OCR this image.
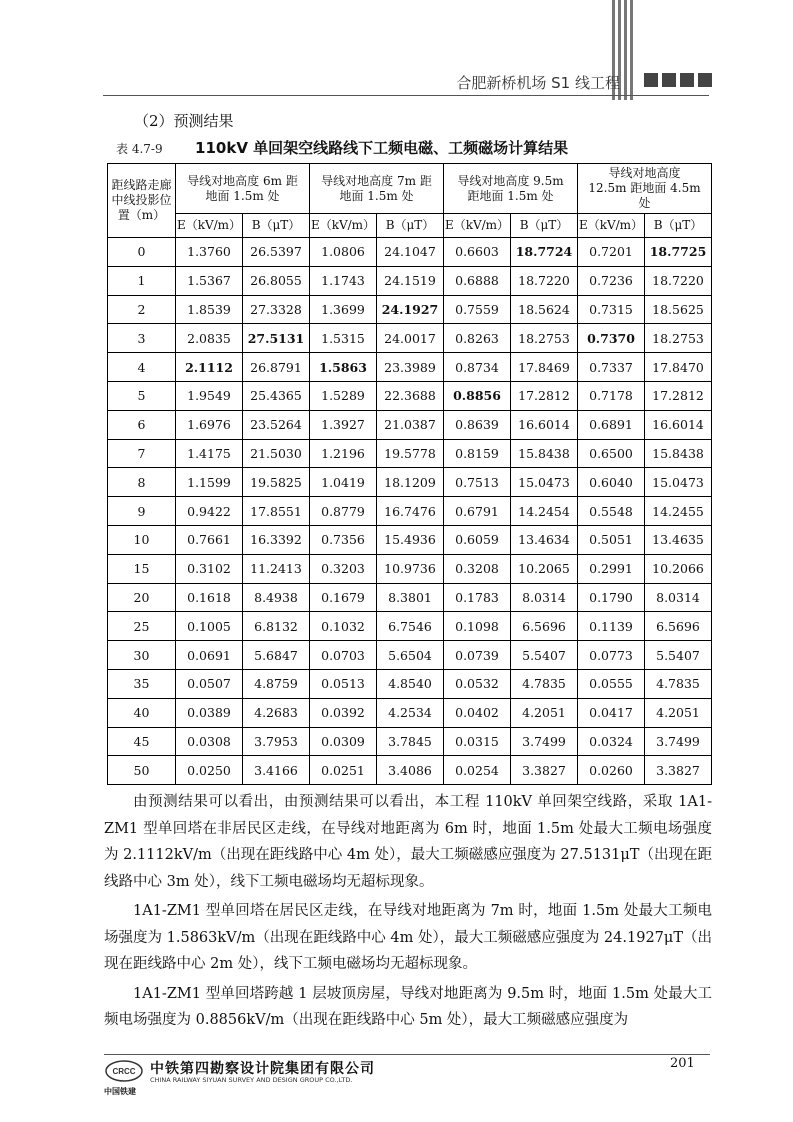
合肥新桥机场 S1 线工程
（2）预测结果
表 4.7-9 110kV 单回架空线路线下工频电磁、工频磁场计算结果
距线路走廊中线投影位置（m）	导线对地高度 6m 距地面 1.5m 处		导线对地高度 7m 距地面 1.5m 处		导线对地高度 9.5m 距地面 1.5m 处		导线对地高度 12.5m 距地面 4.5m 处	
	E（kV/m）	B（μT）	E（kV/m）	B（μT）	E（kV/m）	B（μT）	E（kV/m）	B（μT）
0	1.3760	26.5397	1.0806	24.1047	0.6603	18.7724	0.7201	18.7725
1	1.5367	26.8055	1.1743	24.1519	0.6888	18.7220	0.7236	18.7220
2	1.8539	27.3328	1.3699	24.1927	0.7559	18.5624	0.7315	18.5625
3	2.0835	27.5131	1.5315	24.0017	0.8263	18.2753	0.7370	18.2753
4	2.1112	26.8791	1.5863	23.3989	0.8734	17.8469	0.7337	17.8470
5	1.9549	25.4365	1.5289	22.3688	0.8856	17.2812	0.7178	17.2812
6	1.6976	23.5264	1.3927	21.0387	0.8639	16.6014	0.6891	16.6014
7	1.4175	21.5030	1.2196	19.5778	0.8159	15.8438	0.6500	15.8438
8	1.1599	19.5825	1.0419	18.1209	0.7513	15.0473	0.6040	15.0473
9	0.9422	17.8551	0.8779	16.7476	0.6791	14.2454	0.5548	14.2455
10	0.7661	16.3392	0.7356	15.4936	0.6059	13.4634	0.5051	13.4635
15	0.3102	11.2413	0.3203	10.9736	0.3208	10.2065	0.2991	10.2066
20	0.1618	8.4938	0.1679	8.3801	0.1783	8.0314	0.1790	8.0314
25	0.1005	6.8132	0.1032	6.7546	0.1098	6.5696	0.1139	6.5696
30	0.0691	5.6847	0.0703	5.6504	0.0739	5.5407	0.0773	5.5407
35	0.0507	4.8759	0.0513	4.8540	0.0532	4.7835	0.0555	4.7835
40	0.0389	4.2683	0.0392	4.2534	0.0402	4.2051	0.0417	4.2051
45	0.0308	3.7953	0.0309	3.7845	0.0315	3.7499	0.0324	3.7499
50	0.0250	3.4166	0.0251	3.4086	0.0254	3.3827	0.0260	3.3827

由预测结果可以看出，由预测结果可以看出，本工程 110kV 单回架空线路，采取 1A1-ZM1 型单回塔在非居民区走线，在导线对地距离为 6m 时，地面 1.5m 处最大工频电场强度为 2.1112kV/m（出现在距线路中心 4m 处），最大工频磁感应强度为 27.5131μT（出现在距线路中心 3m 处），线下工频电磁场均无超标现象。

1A1-ZM1 型单回塔在居民区走线，在导线对地距离为 7m 时，地面 1.5m 处最大工频电场强度为 1.5863kV/m（出现在距线路中心 4m 处），最大工频磁感应强度为 24.1927μT（出现在距线路中心 2m 处），线下工频电磁场均无超标现象。

1A1-ZM1 型单回塔跨越 1 层坡顶房屋，导线对地距离为 9.5m 时，地面 1.5m 处最大工频电场强度为 0.8856kV/m（出现在距线路中心 5m 处），最大工频磁感应强度为

CRCC
中国铁建
中铁第四勘察设计院集团有限公司
CHINA RAILWAY SIYUAN SURVEY AND DESIGN GROUP CO.,LTD.
201
